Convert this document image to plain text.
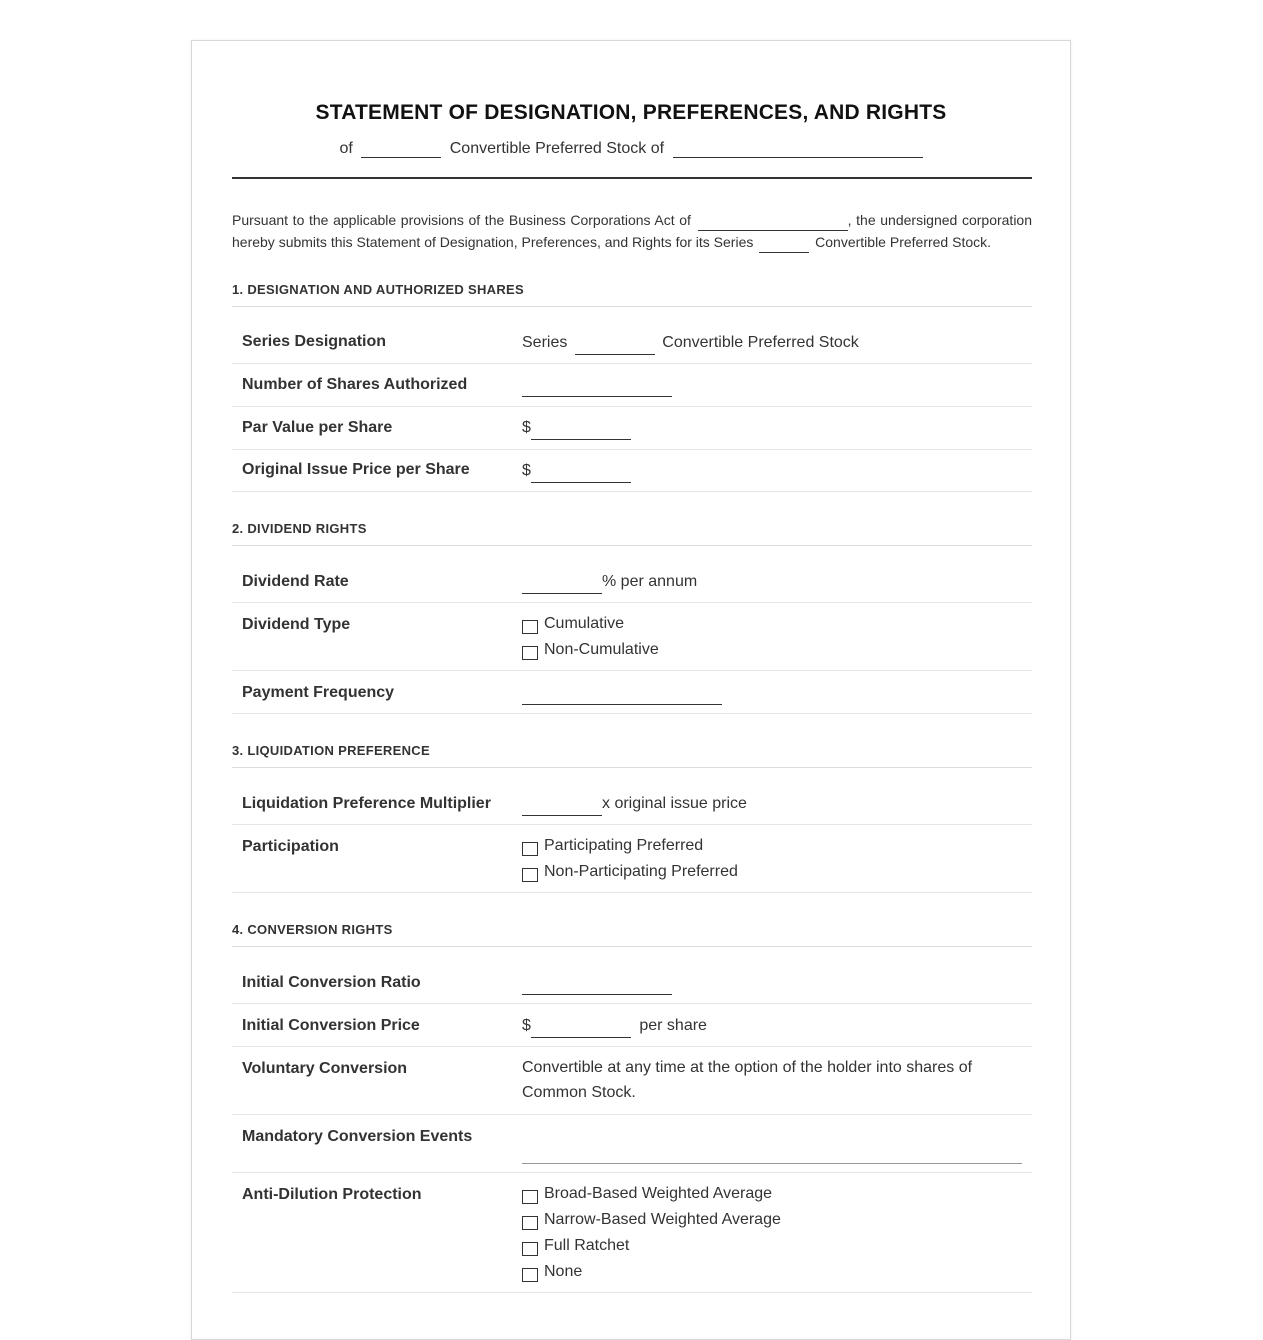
STATEMENT OF DESIGNATION, PREFERENCES, AND RIGHTS
of	Convertible Preferred Stock of
Pursuant to the applicable provisions of the Business Corporations Act of	, the undersigned corporation hereby submits this Statement of Designation, Preferences, and Rights for its Series	Convertible Preferred Stock.
1. DESIGNATION AND AUTHORIZED SHARES
Series Designation	Series	Convertible Preferred Stock
Number of Shares Authorized
Par Value per Share	$
Original Issue Price per Share	$
2. DIVIDEND RIGHTS
Dividend Rate	% per annum
Dividend Type	Cumulative
Non-Cumulative
Payment Frequency
3. LIQUIDATION PREFERENCE
Liquidation Preference Multiplier	x original issue price
Participation	Participating Preferred
Non-Participating Preferred
4. CONVERSION RIGHTS
Initial Conversion Ratio
Initial Conversion Price	$	per share
Voluntary Conversion	Convertible at any time at the option of the holder into shares of Common Stock.
Mandatory Conversion Events
Anti-Dilution Protection	Broad-Based Weighted Average
Narrow-Based Weighted Average
Full Ratchet
None
